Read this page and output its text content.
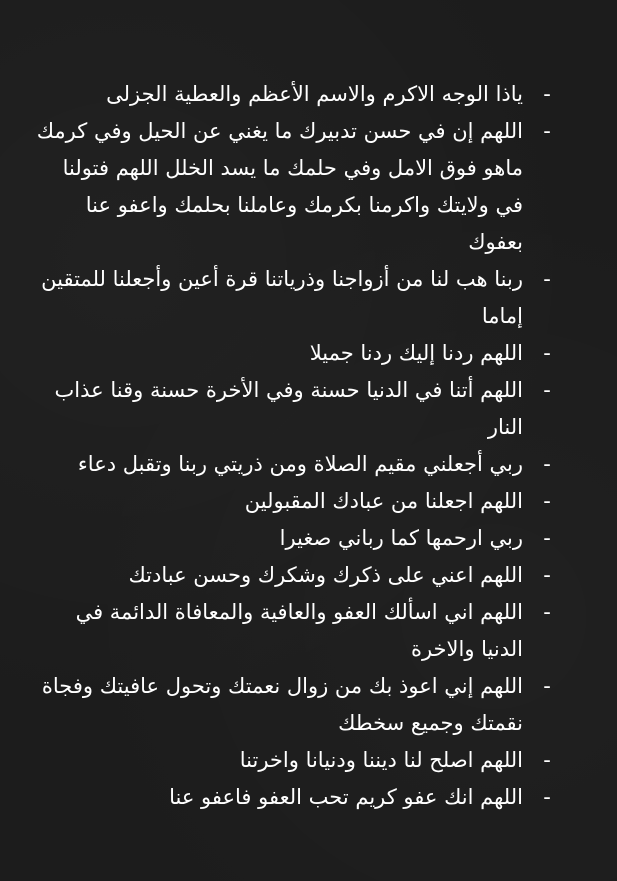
-
ياذا الوجه الاكرم والاسم الأعظم والعطية الجزلى
-
اللهم إن في حسن تدبيرك ما يغني عن الحيل وفي كرمك ماهو فوق الامل وفي حلمك ما يسد الخلل اللهم فتولنا في ولايتك واكرمنا بكرمك وعاملنا بحلمك واعفو عنا بعفوك
-
ربنا هب لنا من أزواجنا وذرياتنا قرة أعين وأجعلنا للمتقين إماما
-
اللهم ردنا إليك ردنا جميلا
-
اللهم أتنا في الدنيا حسنة وفي الأخرة حسنة وقنا عذاب النار
-
ربي أجعلني مقيم الصلاة ومن ذريتي ربنا وتقبل دعاء
-
اللهم اجعلنا من عبادك المقبولين
-
ربي ارحمها كما رباني صغيرا
-
اللهم اعني على ذكرك وشكرك وحسن عبادتك
-
اللهم اني اسألك العفو والعافية والمعافاة الدائمة في الدنيا والاخرة
-
اللهم إني اعوذ بك من زوال نعمتك وتحول عافيتك وفجاة نقمتك وجميع سخطك
-
اللهم اصلح لنا ديننا ودنيانا واخرتنا
-
اللهم انك عفو كريم تحب العفو فاعفو عنا
